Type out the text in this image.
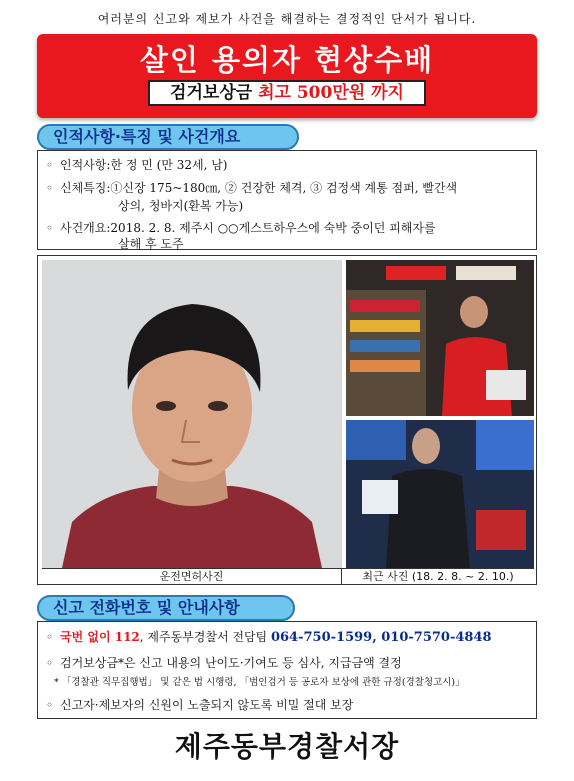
여러분의 신고와 제보가 사건을 해결하는 결정적인 단서가 됩니다.
살인 용의자 현상수배
검거보상금 최고 500만원 까지
인적사항·특징 및 사건개요
◦ 인적사항:한 정 민 (만 32세, 남)
◦ 신체특징:①신장 175~180㎝, ② 건장한 체격, ③ 검정색 계통 점퍼, 빨간색
상의, 청바지(환복 가능)
◦ 사건개요:2018. 2. 8. 제주시 ○○게스트하우스에 숙박 중이던 피해자를
살해 후 도주
운전면허사진	최근 사진 (18. 2. 8. ~ 2. 10.)
신고 전화번호 및 안내사항
◦ 국번 없이 112, 제주동부경찰서 전담팀 064-750-1599, 010-7570-4848
◦ 검거보상금*은 신고 내용의 난이도·기여도 등 심사, 지급금액 결정
* 「경찰관 직무집행법」 및 같은 법 시행령, 「범인검거 등 공로자 보상에 관한 규정(경찰청고시)」
◦ 신고자·제보자의 신원이 노출되지 않도록 비밀 절대 보장
제주동부경찰서장
